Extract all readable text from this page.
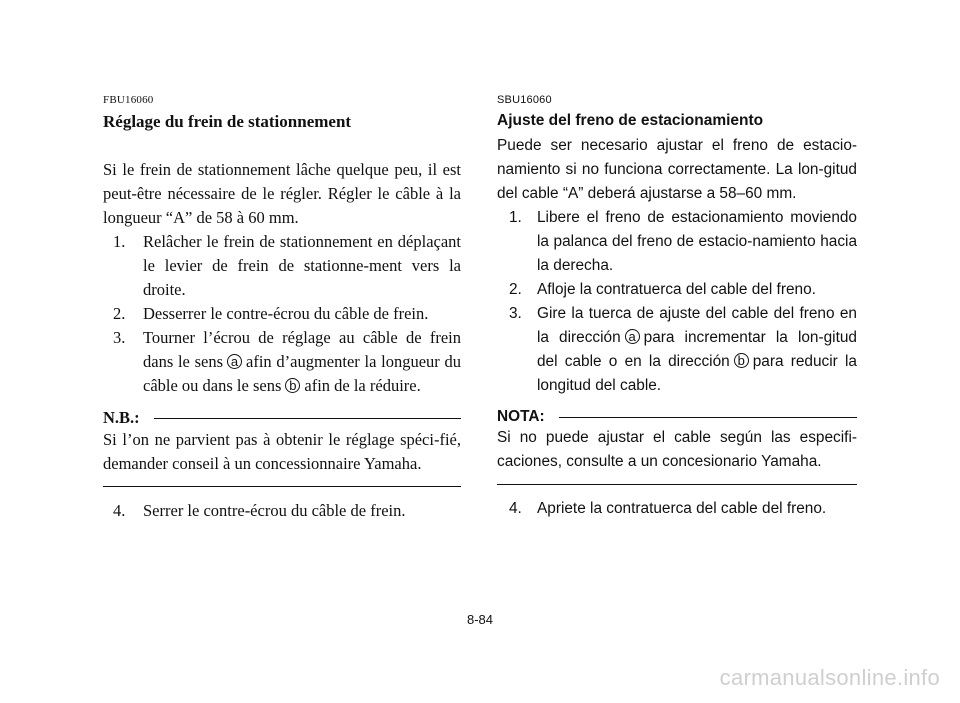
FBU16060
Réglage du frein de stationnement

Si le frein de stationnement lâche quelque peu, il est peut-être nécessaire de le régler. Régler le câble à la longueur “A” de 58 à 60 mm.

1. Relâcher le frein de stationnement en déplaçant le levier de frein de stationne-ment vers la droite.
2. Desserrer le contre-écrou du câble de frein.
3. Tourner l’écrou de réglage au câble de frein dans le sens a afin d’augmenter la longueur du câble ou dans le sens b afin de la réduire.
N.B.:

Si l’on ne parvient pas à obtenir le réglage spéci-fié, demander conseil à un concessionnaire Yamaha.

4. Serrer le contre-écrou du câble de frein.
SBU16060
Ajuste del freno de estacionamiento

Puede ser necesario ajustar el freno de estacio-namiento si no funciona correctamente. La lon-gitud del cable “A” deberá ajustarse a 58–60 mm.

1. Libere el freno de estacionamiento moviendo la palanca del freno de estacio-namiento hacia la derecha.
2. Afloje la contratuerca del cable del freno.
3. Gire la tuerca de ajuste del cable del freno en la dirección a para incrementar la lon-gitud del cable o en la dirección b para reducir la longitud del cable.
NOTA:

Si no puede ajustar el cable según las especifi-caciones, consulte a un concesionario Yamaha.

4. Apriete la contratuerca del cable del freno.
8-84
carmanualsonline.info
